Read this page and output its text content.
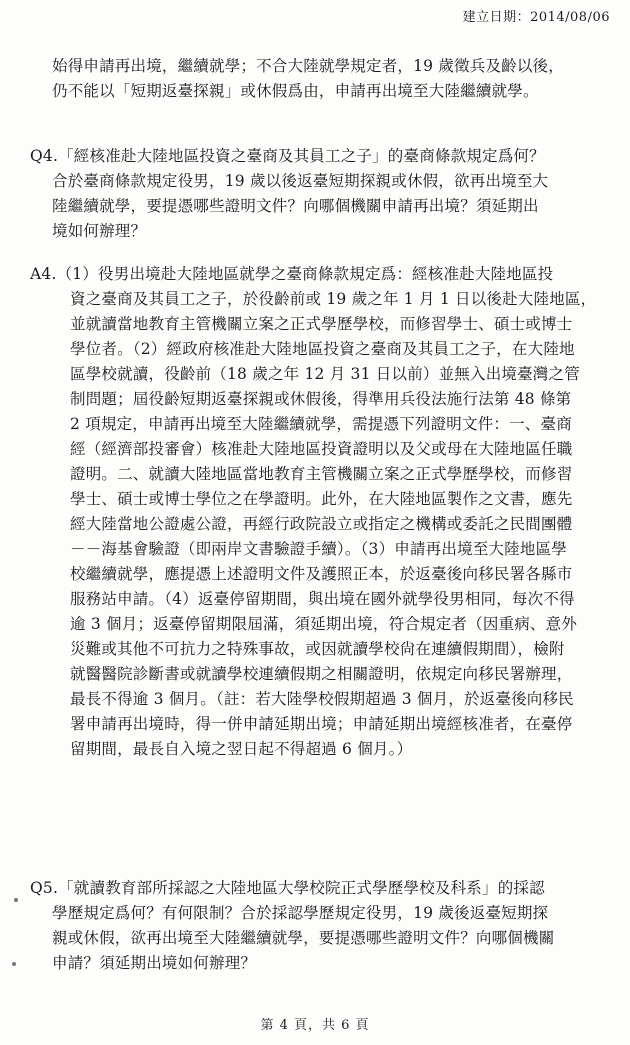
建立日期：2014/08/06
始得申請再出境，繼續就學；不合大陸就學規定者，19 歲徵兵及齡以後，
仍不能以「短期返臺探親」或休假爲由，申請再出境至大陸繼續就學。
Q4.「經核准赴大陸地區投資之臺商及其員工之子」的臺商條款規定爲何？
合於臺商條款規定役男，19 歲以後返臺短期探親或休假，欲再出境至大
陸繼續就學，要提憑哪些證明文件？向哪個機關申請再出境？須延期出
境如何辦理？
A4.（1）役男出境赴大陸地區就學之臺商條款規定爲：經核准赴大陸地區投
資之臺商及其員工之子，於役齡前或 19 歲之年 1 月 1 日以後赴大陸地區，
並就讀當地教育主管機關立案之正式學歷學校，而修習學士、碩士或博士
學位者。（2）經政府核准赴大陸地區投資之臺商及其員工之子，在大陸地
區學校就讀，役齡前（18 歲之年 12 月 31 日以前）並無入出境臺灣之管
制問題；屆役齡短期返臺探親或休假後，得準用兵役法施行法第 48 條第
2 項規定，申請再出境至大陸繼續就學，需提憑下列證明文件：一、臺商
經（經濟部投審會）核准赴大陸地區投資證明以及父或母在大陸地區任職
證明。二、就讀大陸地區當地教育主管機關立案之正式學歷學校，而修習
學士、碩士或博士學位之在學證明。此外，在大陸地區製作之文書，應先
經大陸當地公證處公證，再經行政院設立或指定之機構或委託之民間團體
－－海基會驗證（即兩岸文書驗證手續）。（3）申請再出境至大陸地區學
校繼續就學，應提憑上述證明文件及護照正本，於返臺後向移民署各縣市
服務站申請。（4）返臺停留期間，與出境在國外就學役男相同，每次不得
逾 3 個月；返臺停留期限屆滿，須延期出境，符合規定者（因重病、意外
災難或其他不可抗力之特殊事故，或因就讀學校尙在連續假期間），檢附
就醫醫院診斷書或就讀學校連續假期之相關證明，依規定向移民署辦理，
最長不得逾 3 個月。（註：若大陸學校假期超過 3 個月，於返臺後向移民
署申請再出境時，得一併申請延期出境；申請延期出境經核准者，在臺停
留期間，最長自入境之翌日起不得超過 6 個月。）
Q5.「就讀教育部所採認之大陸地區大學校院正式學歷學校及科系」的採認
學歷規定爲何？有何限制？合於採認學歷規定役男，19 歲後返臺短期探
親或休假，欲再出境至大陸繼續就學，要提憑哪些證明文件？向哪個機關
申請？須延期出境如何辦理？
第 4 頁，共 6 頁
